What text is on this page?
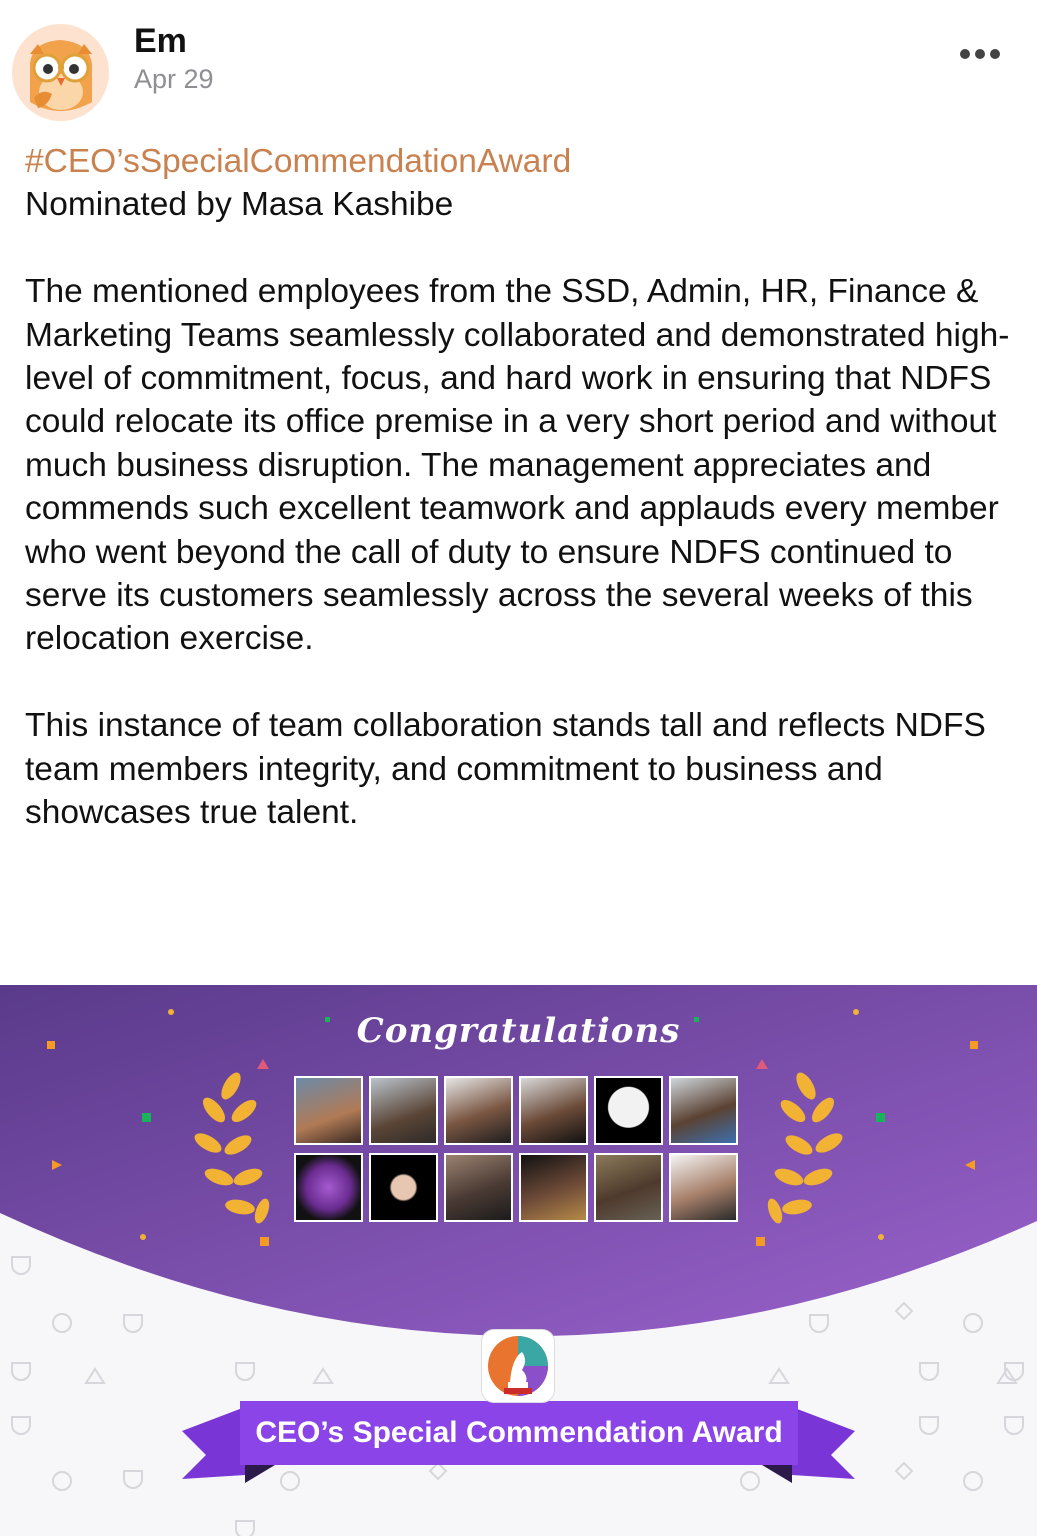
Em
Apr 29

#CEO’sSpecialCommendationAward

Nominated by Masa Kashibe

The mentioned employees from the SSD, Admin, HR, Finance & Marketing Teams seamlessly collaborated and demonstrated high-level of commitment, focus, and hard work in ensuring that NDFS could relocate its office premise in a very short period and without much business disruption. The management appreciates and commends such excellent teamwork and applauds every member who went beyond the call of duty to ensure NDFS continued to serve its customers seamlessly across the several weeks of this relocation exercise.

This instance of team collaboration stands tall and reflects NDFS team members integrity, and commitment to business and showcases true talent.

Congratulations
CEO’s Special Commendation Award
